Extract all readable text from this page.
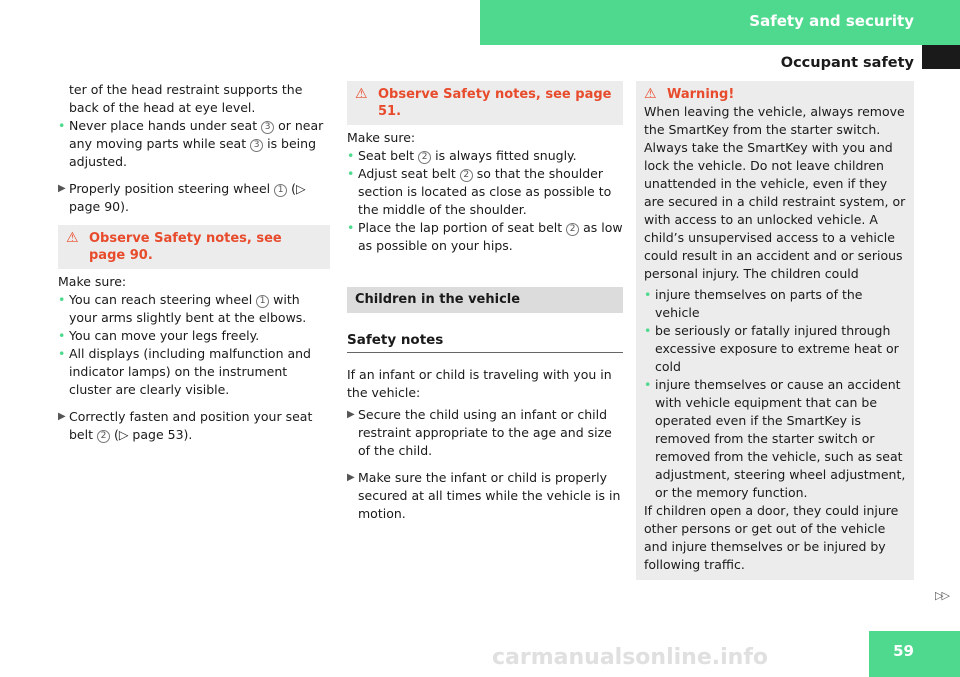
Safety and security
Occupant safety

ter of the head restraint supports the back of the head at eye level.

• Never place hands under seat 3 or near any moving parts while seat 3 is being adjusted.
▶ Properly position steering wheel 1 (▷ page 90).
⚠ Observe Safety notes, see page 90.

Make sure:

• You can reach steering wheel 1 with your arms slightly bent at the elbows.
• You can move your legs freely.
• All displays (including malfunction and indicator lamps) on the instrument cluster are clearly visible.
▶ Correctly fasten and position your seat belt 2 (▷ page 53).
⚠ Observe Safety notes, see page 51.

Make sure:

• Seat belt 2 is always fitted snugly.
• Adjust seat belt 2 so that the shoulder section is located as close as possible to the middle of the shoulder.
• Place the lap portion of seat belt 2 as low as possible on your hips.
Children in the vehicle
Safety notes

If an infant or child is traveling with you in the vehicle:

▶ Secure the child using an infant or child restraint appropriate to the age and size of the child.
▶ Make sure the infant or child is properly secured at all times while the vehicle is in motion.
⚠ Warning!

When leaving the vehicle, always remove the SmartKey from the starter switch. Always take the SmartKey with you and lock the vehicle. Do not leave children unattended in the vehicle, even if they are secured in a child restraint system, or with access to an unlocked vehicle. A child’s unsupervised access to a vehicle could result in an accident and or serious personal injury. The children could

• injure themselves on parts of the vehicle
• be seriously or fatally injured through excessive exposure to extreme heat or cold
• injure themselves or cause an accident with vehicle equipment that can be operated even if the SmartKey is removed from the starter switch or removed from the vehicle, such as seat adjustment, steering wheel adjustment, or the memory function.

If children open a door, they could injure other persons or get out of the vehicle and injure themselves or be injured by following traffic.

▷▷
carmanualsonline.info	59
